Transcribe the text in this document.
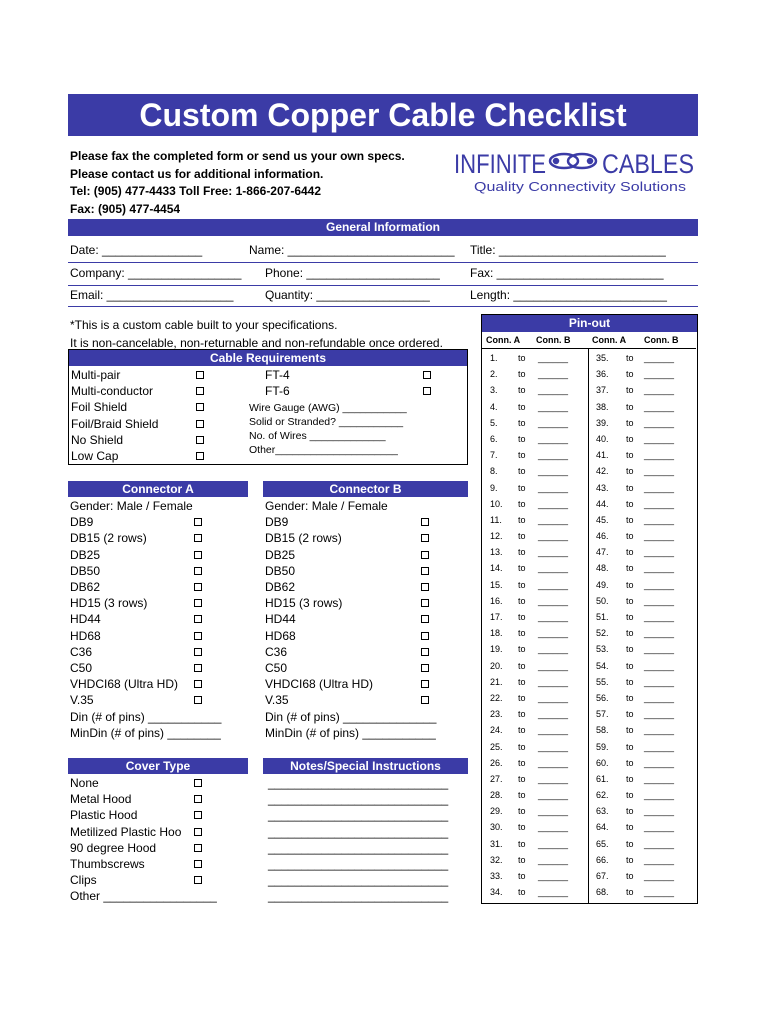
Custom Copper Cable Checklist
Please fax the completed form or send us your own specs.
Please contact us for additional information.
Tel: (905) 477-4433 Toll Free: 1-866-207-6442
Fax: (905) 477-4454
INFINITE CABLES
Quality Connectivity Solutions
General Information
Date: _______________	Name: _________________________ Title: _________________________
Company: _________________ Phone: ____________________	Fax: _________________________
Email: ___________________	Quantity: _________________	Length: _______________________
*This is a custom cable built to your specifications.
It is non-cancelable, non-returnable and non-refundable once ordered.
Cable Requirements
Multi-pair
Multi-conductor
Foil Shield
Foil/Braid Shield
No Shield
Low Cap
FT-4
FT-6
Wire Gauge (AWG) ___________
Solid or Stranded? ___________
No. of Wires _____________
Other_____________________
Connector A
Gender: Male / Female
DB9
DB15 (2 rows)
DB25
DB50
DB62
HD15 (3 rows)
HD44
HD68
C36
C50
VHDCI68 (Ultra HD)
V.35
Din (# of pins) ___________
MinDin (# of pins) ________
Connector B
Gender: Male / Female
DB9
DB15 (2 rows)
DB25
DB50
DB62
HD15 (3 rows)
HD44
HD68
C36
C50
VHDCI68 (Ultra HD)
V.35
Din (# of pins) ______________
MinDin (# of pins) ___________
Cover Type
None
Metal Hood
Plastic Hood
Metilized Plastic Hoo
90 degree Hood
Thumbscrews
Clips
Other _________________
Notes/Special Instructions
___________________________
___________________________
___________________________
___________________________
___________________________
___________________________
___________________________
___________________________
Pin-out
Conn. A Conn. B Conn. A Conn. B
1. to ______	35. to ______
2. to ______	36. to ______
3. to ______	37. to ______
4. to ______	38. to ______
5. to ______	39. to ______
6. to ______	40. to ______
7. to ______	41. to ______
8. to ______	42. to ______
9. to ______	43. to ______
10. to ______	44. to ______
11. to ______	45. to ______
12. to ______	46. to ______
13. to ______	47. to ______
14. to ______	48. to ______
15. to ______	49. to ______
16. to ______	50. to ______
17. to ______	51. to ______
18. to ______	52. to ______
19. to ______	53. to ______
20. to ______	54. to ______
21. to ______	55. to ______
22. to ______	56. to ______
23. to ______	57. to ______
24. to ______	58. to ______
25. to ______	59. to ______
26. to ______	60. to ______
27. to ______	61. to ______
28. to ______	62. to ______
29. to ______	63. to ______
30. to ______	64. to ______
31. to ______	65. to ______
32. to ______	66. to ______
33. to ______	67. to ______
34. to ______	68. to ______
